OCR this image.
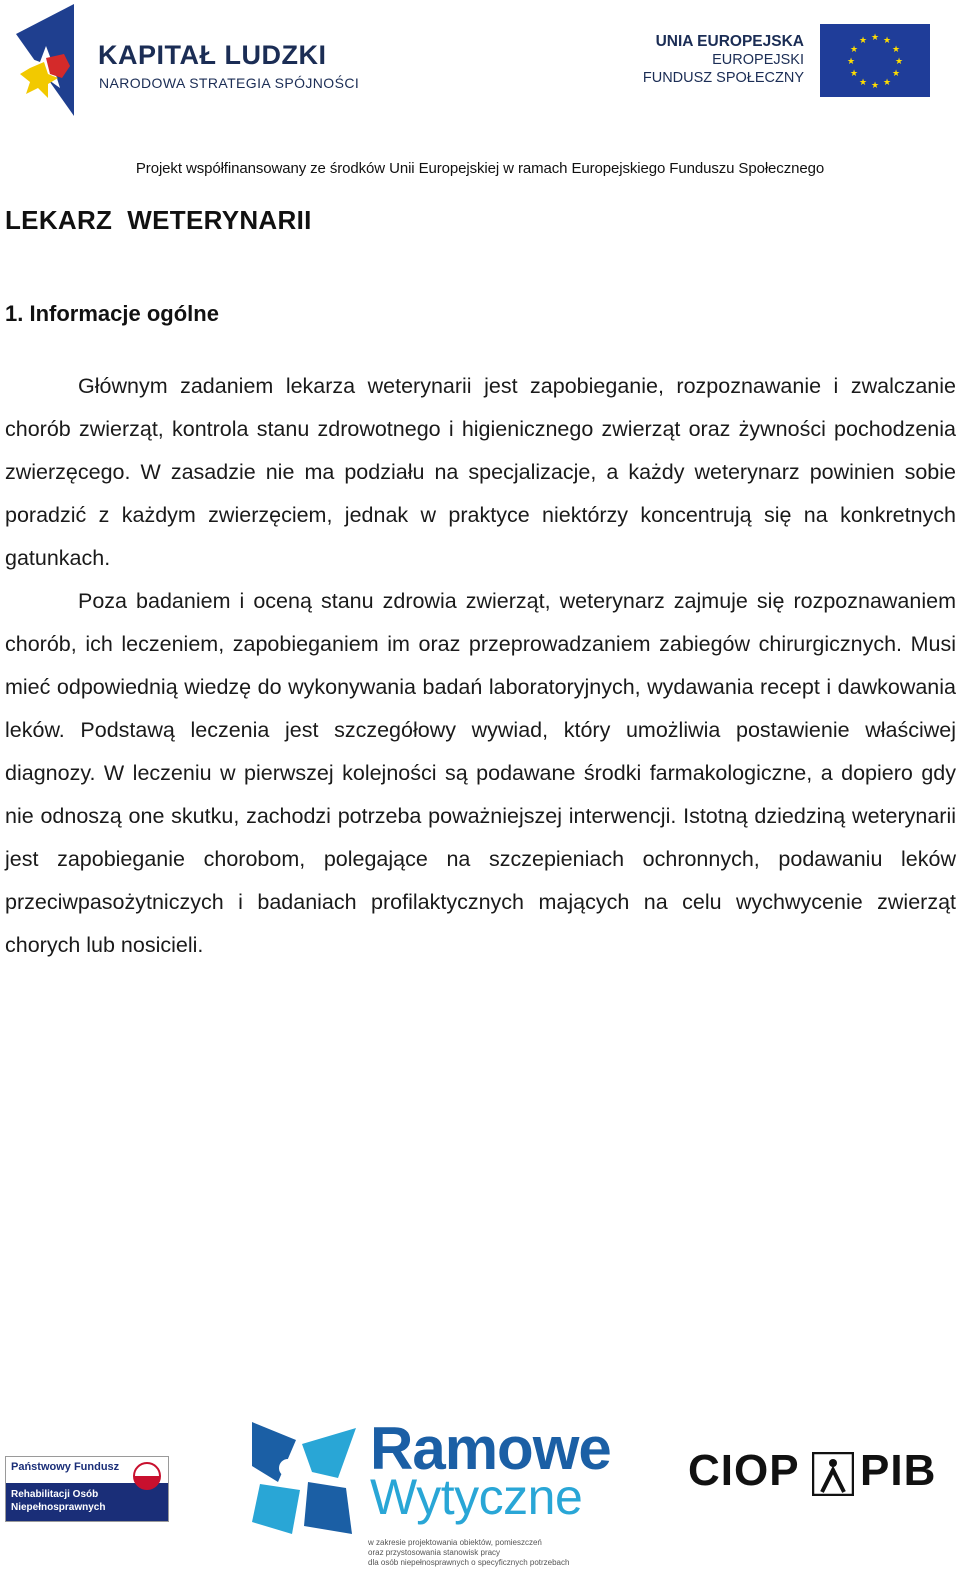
KAPITAŁ LUDZKI
NARODOWA STRATEGIA SPÓJNOŚCI
UNIA EUROPEJSKA
EUROPEJSKI
FUNDUSZ SPOŁECZNY
★ ★
★
★
★
★
★
★
★
★
★
★
Projekt współfinansowany ze środków Unii Europejskiej w ramach Europejskiego Funduszu Społecznego
LEKARZ  WETERYNARII
1. Informacje ogólne

Głównym zadaniem lekarza weterynarii jest zapobieganie, rozpoznawanie i zwalczanie chorób zwierząt, kontrola stanu zdrowotnego i higienicznego zwierząt oraz żywności pochodzenia zwierzęcego. W zasadzie nie ma podziału na specjalizacje, a każdy weterynarz powinien sobie poradzić z każdym zwierzęciem, jednak w praktyce niektórzy koncentrują się na konkretnych gatunkach.

Poza badaniem i oceną stanu zdrowia zwierząt, weterynarz zajmuje się rozpoznawaniem chorób, ich leczeniem, zapobieganiem im oraz przeprowadzaniem zabiegów chirurgicznych. Musi mieć odpowiednią wiedzę do wykonywania badań laboratoryjnych, wydawania recept i dawkowania leków. Podstawą leczenia jest szczegółowy wywiad, który umożliwia postawienie właściwej diagnozy. W leczeniu w pierwszej kolejności są podawane środki farmakologiczne, a dopiero gdy nie odnoszą one skutku, zachodzi potrzeba poważniejszej interwencji. Istotną dziedziną weterynarii jest zapobieganie chorobom, polegające na szczepieniach ochronnych, podawaniu leków przeciwpasożytniczych i badaniach profilaktycznych mających na celu wychwycenie zwierząt chorych lub nosicieli.

Państwowy Fundusz
Rehabilitacji Osób
Niepełnosprawnych
Ramowe
Wytyczne
w zakresie projektowania obiektów, pomieszczeń
oraz przystosowania stanowisk pracy
dla osób niepełnosprawnych o specyficznych potrzebach
CIOP PIB
